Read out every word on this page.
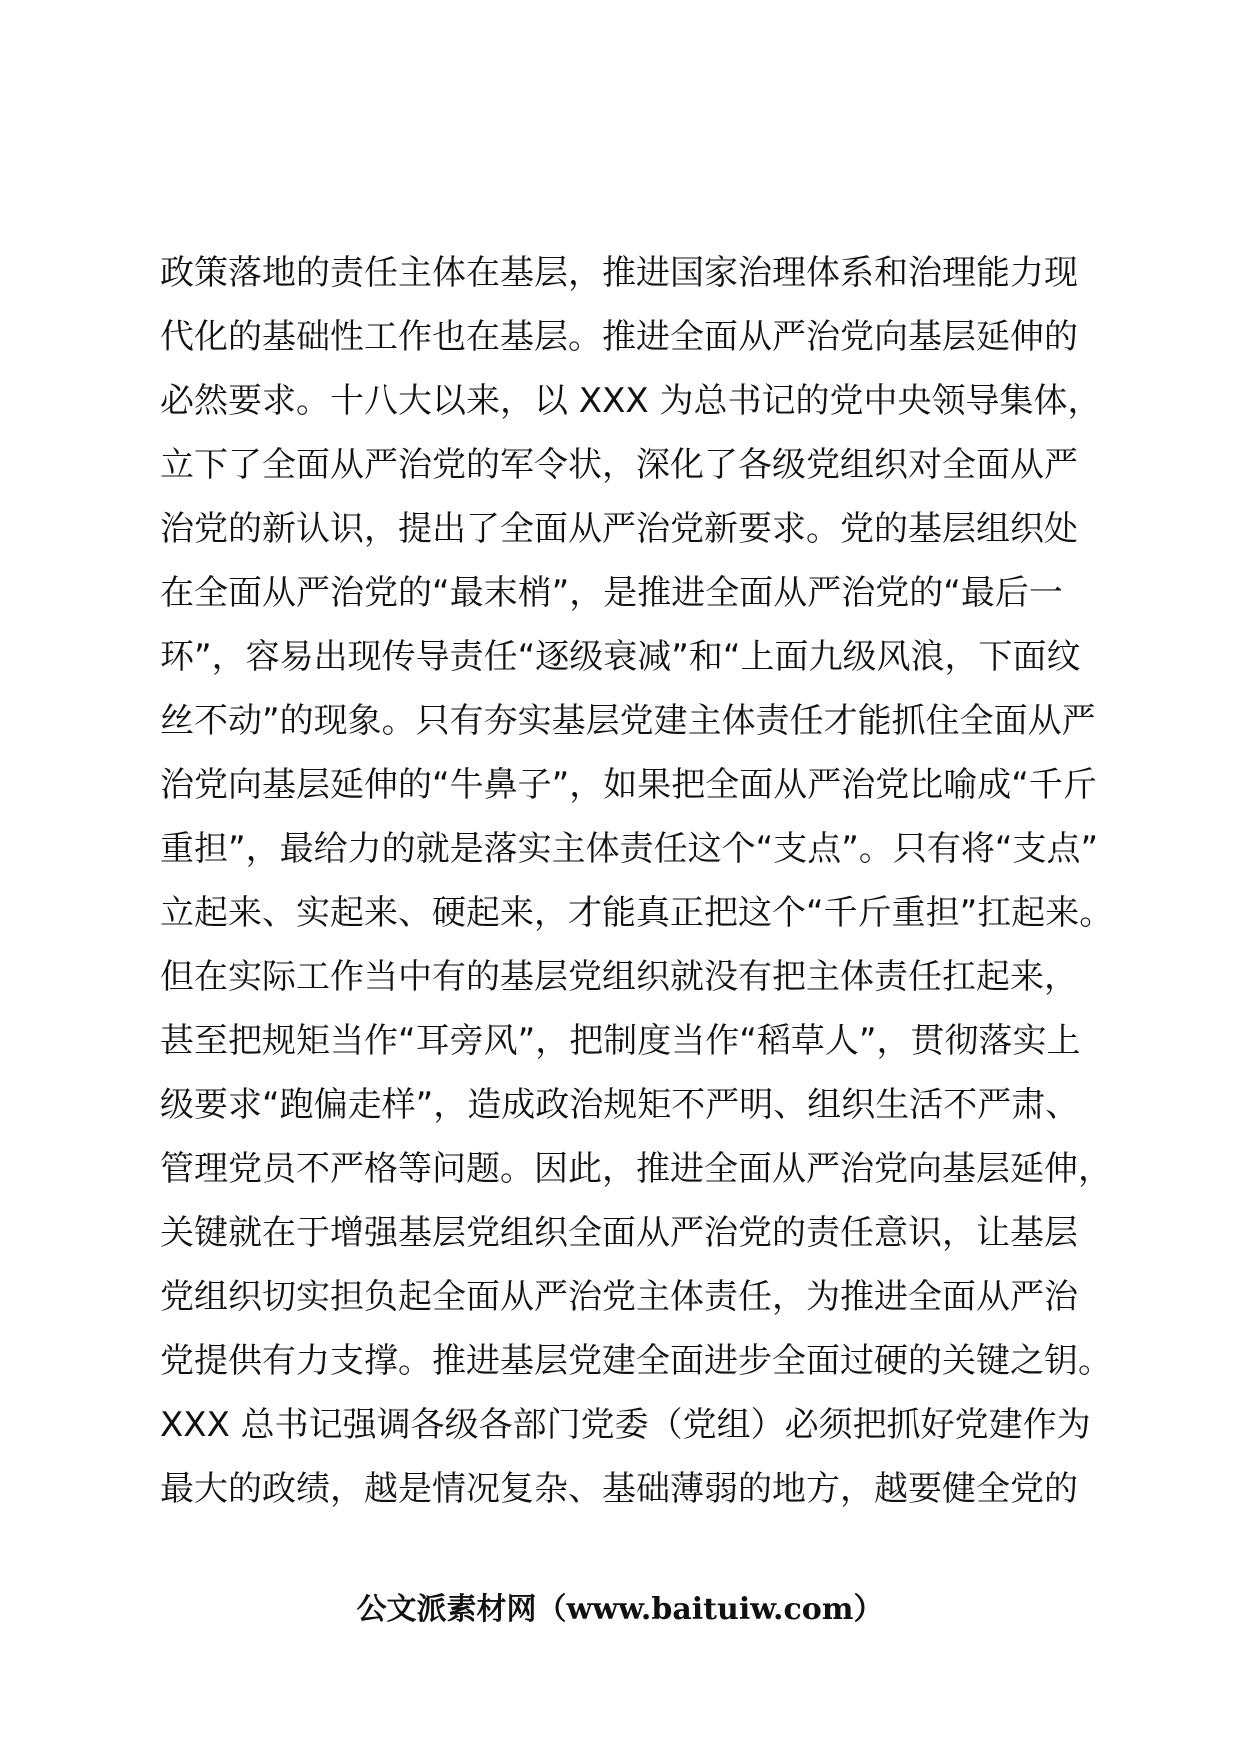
政策落地的责任主体在基层，推进国家治理体系和治理能力现
代化的基础性工作也在基层。推进全面从严治党向基层延伸的
必然要求。十八大以来，以 XXX 为总书记的党中央领导集体，
立下了全面从严治党的军令状，深化了各级党组织对全面从严
治党的新认识，提出了全面从严治党新要求。党的基层组织处
在全面从严治党的“最末梢”，是推进全面从严治党的“最后一
环”，容易出现传导责任“逐级衰减”和“上面九级风浪，下面纹
丝不动”的现象。只有夯实基层党建主体责任才能抓住全面从严
治党向基层延伸的“牛鼻子”，如果把全面从严治党比喻成“千斤
重担”，最给力的就是落实主体责任这个“支点”。只有将“支点”
立起来、实起来、硬起来，才能真正把这个“千斤重担”扛起来。
但在实际工作当中有的基层党组织就没有把主体责任扛起来，
甚至把规矩当作“耳旁风”，把制度当作“稻草人”，贯彻落实上
级要求“跑偏走样”，造成政治规矩不严明、组织生活不严肃、
管理党员不严格等问题。因此，推进全面从严治党向基层延伸，
关键就在于增强基层党组织全面从严治党的责任意识，让基层
党组织切实担负起全面从严治党主体责任，为推进全面从严治
党提供有力支撑。推进基层党建全面进步全面过硬的关键之钥。
XXX 总书记强调各级各部门党委（党组）必须把抓好党建作为
最大的政绩，越是情况复杂、基础薄弱的地方，越要健全党的
公文派素材网（www.baituiw.com）
